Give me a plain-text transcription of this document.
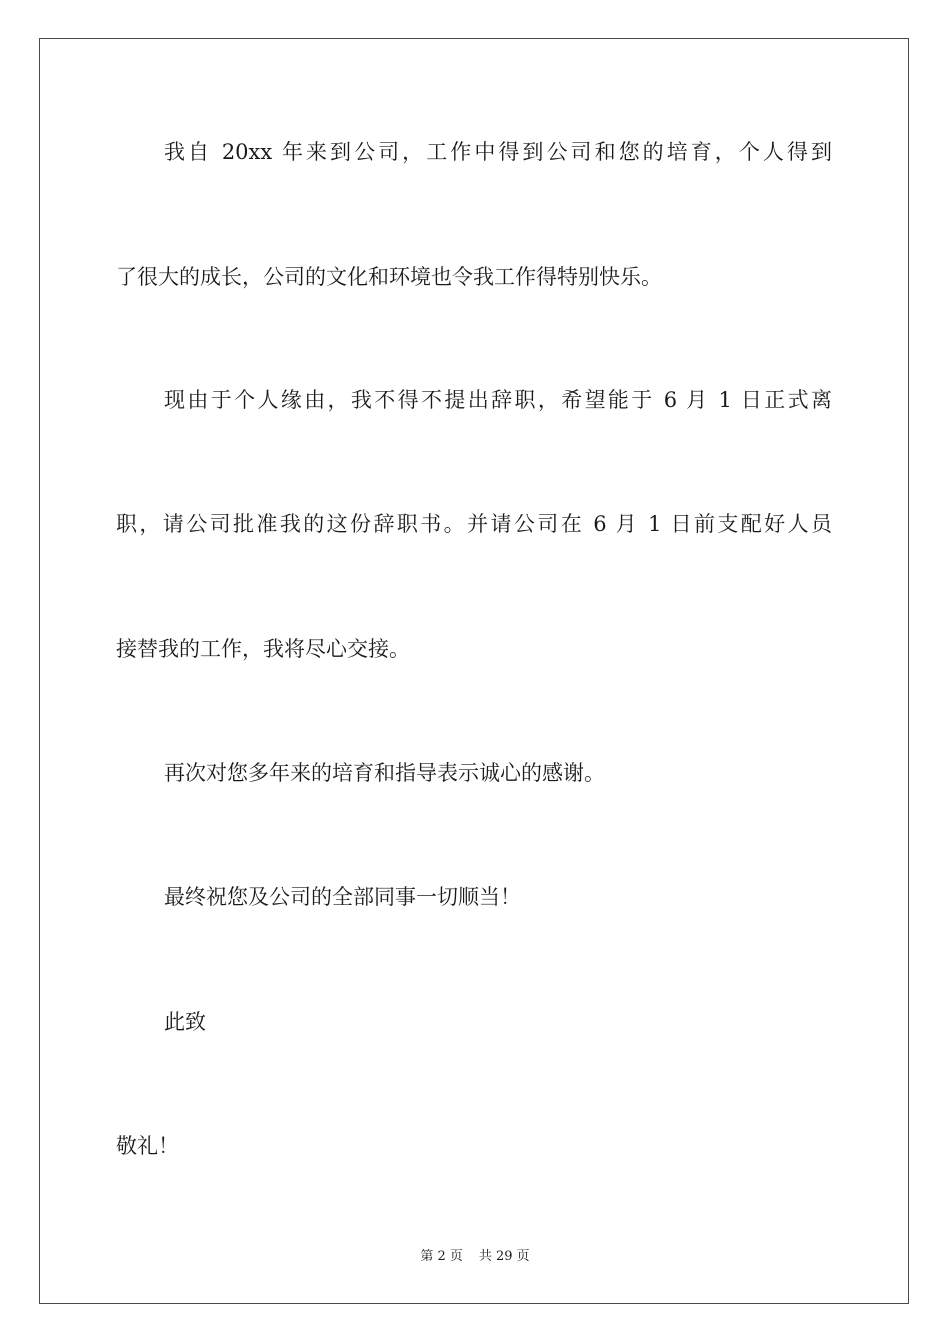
我自 20xx 年来到公司，工作中得到公司和您的培育，个人得到

了很大的成长，公司的文化和环境也令我工作得特别快乐。

现由于个人缘由，我不得不提出辞职，希望能于 6 月 1 日正式离

职，请公司批准我的这份辞职书。并请公司在 6 月 1 日前支配好人员

接替我的工作，我将尽心交接。

再次对您多年来的培育和指导表示诚心的感谢。

最终祝您及公司的全部同事一切顺当！

此致

敬礼！

第 2 页 共 29 页
